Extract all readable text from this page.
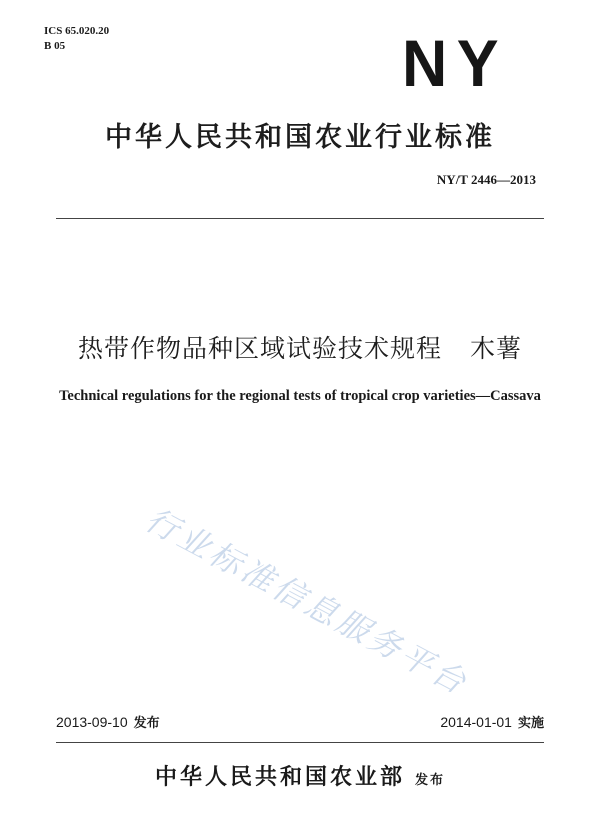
ICS 65.020.20
B 05	NY
中华人民共和国农业行业标准
NY/T 2446—2013
热带作物品种区域试验技术规程 木薯
Technical regulations for the regional tests of tropical crop varieties—Cassava
行业标准信息服务平台
2013-09-10 发布	2014-01-01 实施
中华人民共和国农业部 发布
